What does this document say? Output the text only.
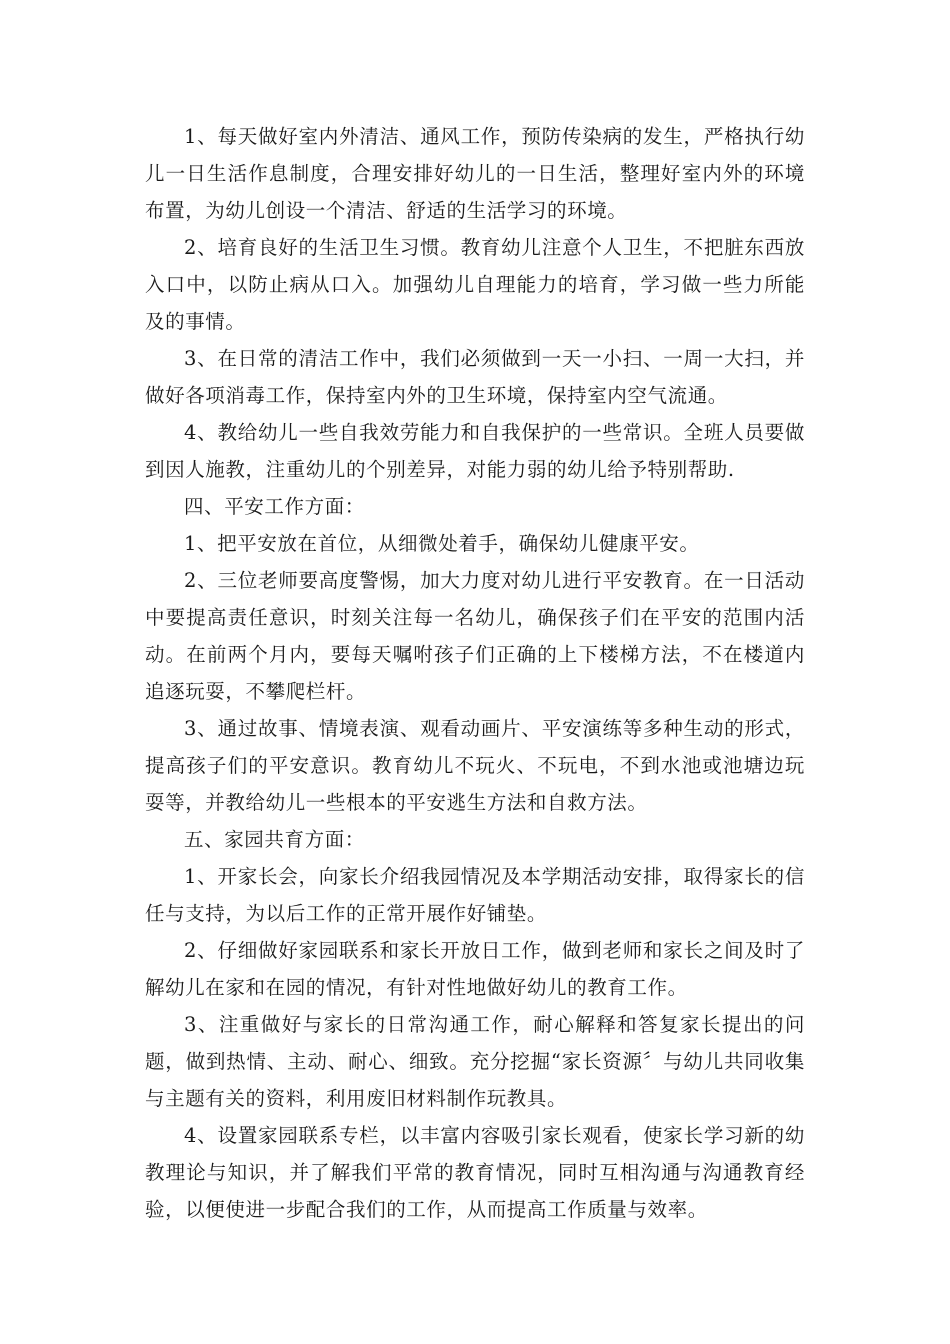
1、每天做好室内外清洁、通风工作，预防传染病的发生，严格执行幼儿一日生活作息制度，合理安排好幼儿的一日生活，整理好室内外的环境布置，为幼儿创设一个清洁、舒适的生活学习的环境。

2、培育良好的生活卫生习惯。教育幼儿注意个人卫生，不把脏东西放入口中，以防止病从口入。加强幼儿自理能力的培育，学习做一些力所能及的事情。

3、在日常的清洁工作中，我们必须做到一天一小扫、一周一大扫，并做好各项消毒工作，保持室内外的卫生环境，保持室内空气流通。

4、教给幼儿一些自我效劳能力和自我保护的一些常识。全班人员要做到因人施教，注重幼儿的个别差异，对能力弱的幼儿给予特别帮助.

四、平安工作方面：

1、把平安放在首位，从细微处着手，确保幼儿健康平安。

2、三位老师要高度警惕，加大力度对幼儿进行平安教育。在一日活动中要提高责任意识，时刻关注每一名幼儿，确保孩子们在平安的范围内活动。在前两个月内，要每天嘱咐孩子们正确的上下楼梯方法，不在楼道内追逐玩耍，不攀爬栏杆。

3、通过故事、情境表演、观看动画片、平安演练等多种生动的形式，提高孩子们的平安意识。教育幼儿不玩火、不玩电，不到水池或池塘边玩耍等，并教给幼儿一些根本的平安逃生方法和自救方法。

五、家园共育方面：

1、开家长会，向家长介绍我园情况及本学期活动安排，取得家长的信任与支持，为以后工作的正常开展作好铺垫。

2、仔细做好家园联系和家长开放日工作，做到老师和家长之间及时了解幼儿在家和在园的情况，有针对性地做好幼儿的教育工作。

3、注重做好与家长的日常沟通工作，耐心解释和答复家长提出的问题，做到热情、主动、耐心、细致。充分挖掘“家长资源〞与幼儿共同收集与主题有关的资料，利用废旧材料制作玩教具。

4、设置家园联系专栏，以丰富内容吸引家长观看，使家长学习新的幼教理论与知识，并了解我们平常的教育情况，同时互相沟通与沟通教育经验，以便使进一步配合我们的工作，从而提高工作质量与效率。
